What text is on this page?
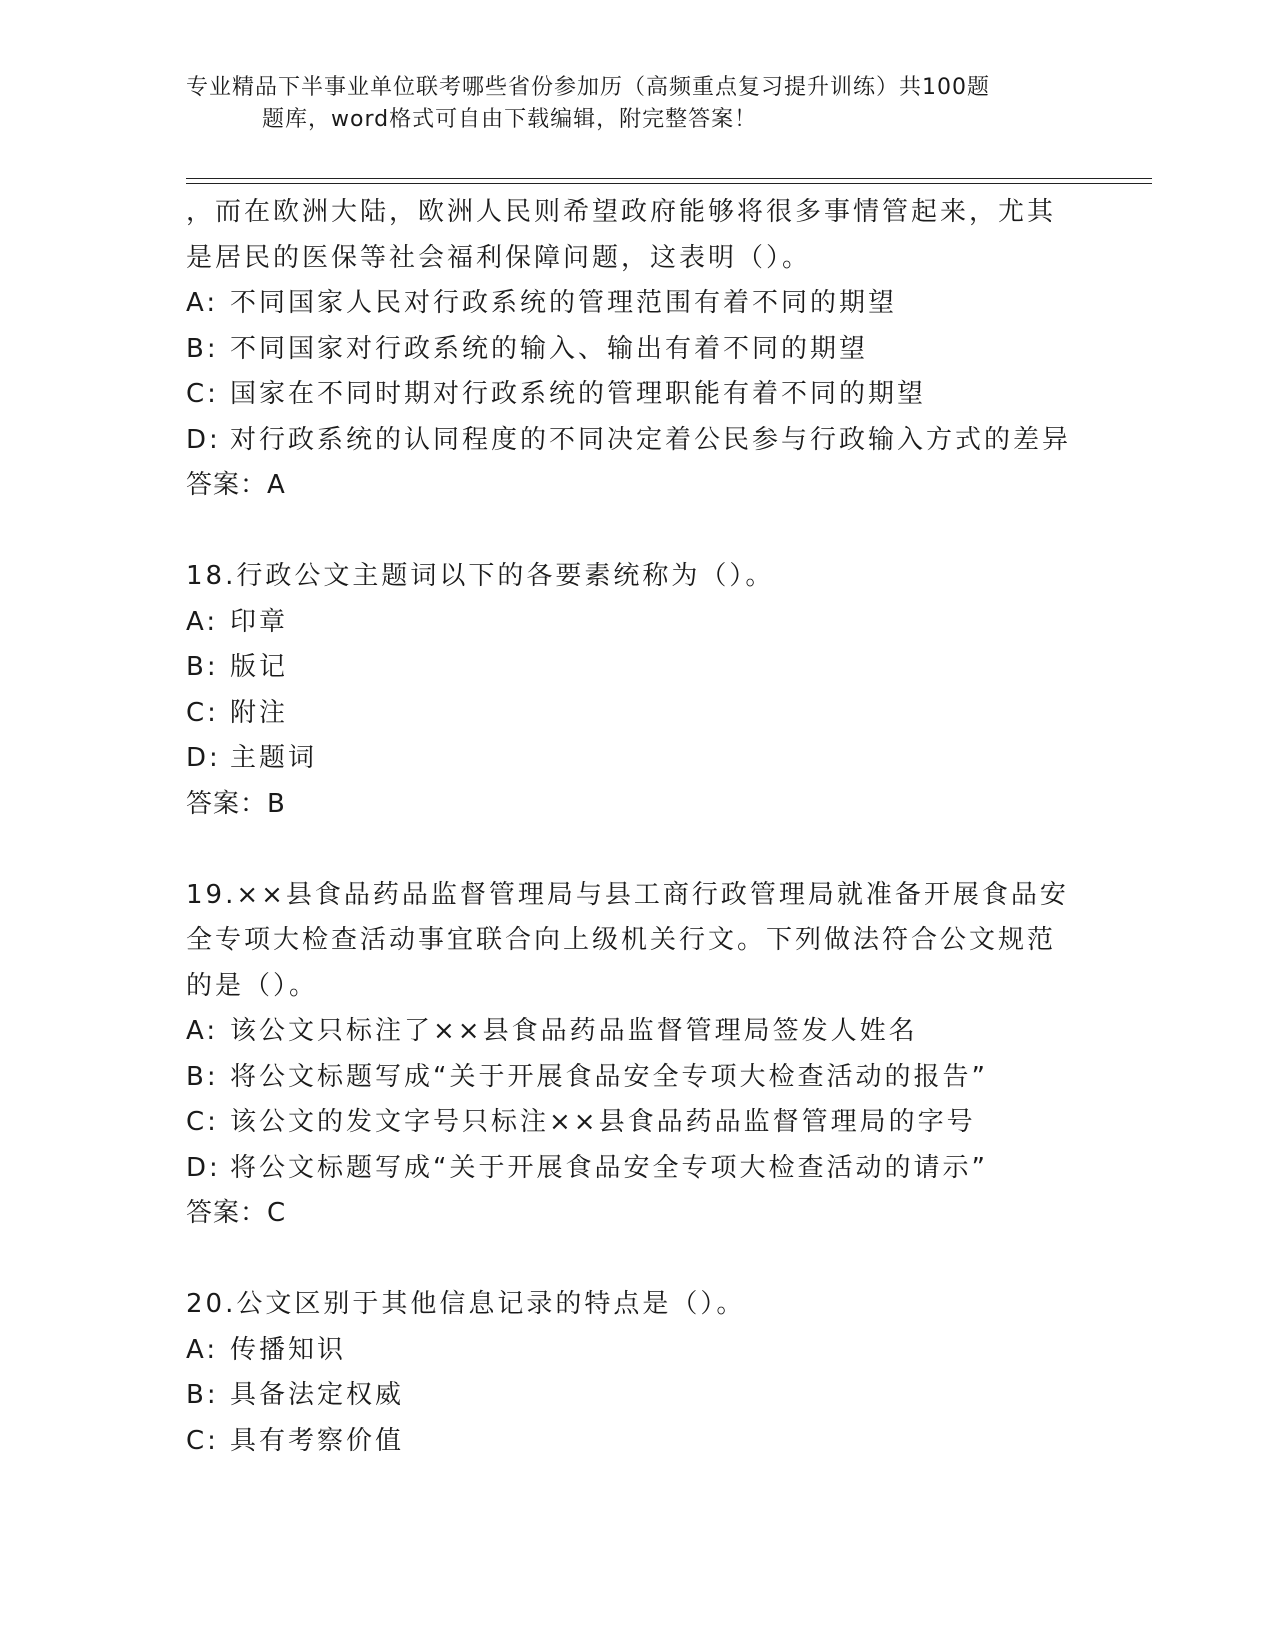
专业精品下半事业单位联考哪些省份参加历（高频重点复习提升训练）共100题
题库，word格式可自由下载编辑，附完整答案！
，而在欧洲大陆，欧洲人民则希望政府能够将很多事情管起来，尤其
是居民的医保等社会福利保障问题，这表明（）。
A: 不同国家人民对行政系统的管理范围有着不同的期望
B: 不同国家对行政系统的输入、输出有着不同的期望
C: 国家在不同时期对行政系统的管理职能有着不同的期望
D: 对行政系统的认同程度的不同决定着公民参与行政输入方式的差异
答案：A
18.行政公文主题词以下的各要素统称为（）。
A: 印章
B: 版记
C: 附注
D: 主题词
答案：B
19.××县食品药品监督管理局与县工商行政管理局就准备开展食品安
全专项大检查活动事宜联合向上级机关行文。下列做法符合公文规范
的是（）。
A: 该公文只标注了××县食品药品监督管理局签发人姓名
B: 将公文标题写成“关于开展食品安全专项大检查活动的报告”
C: 该公文的发文字号只标注××县食品药品监督管理局的字号
D: 将公文标题写成“关于开展食品安全专项大检查活动的请示”
答案：C
20.公文区别于其他信息记录的特点是（）。
A: 传播知识
B: 具备法定权威
C: 具有考察价值
